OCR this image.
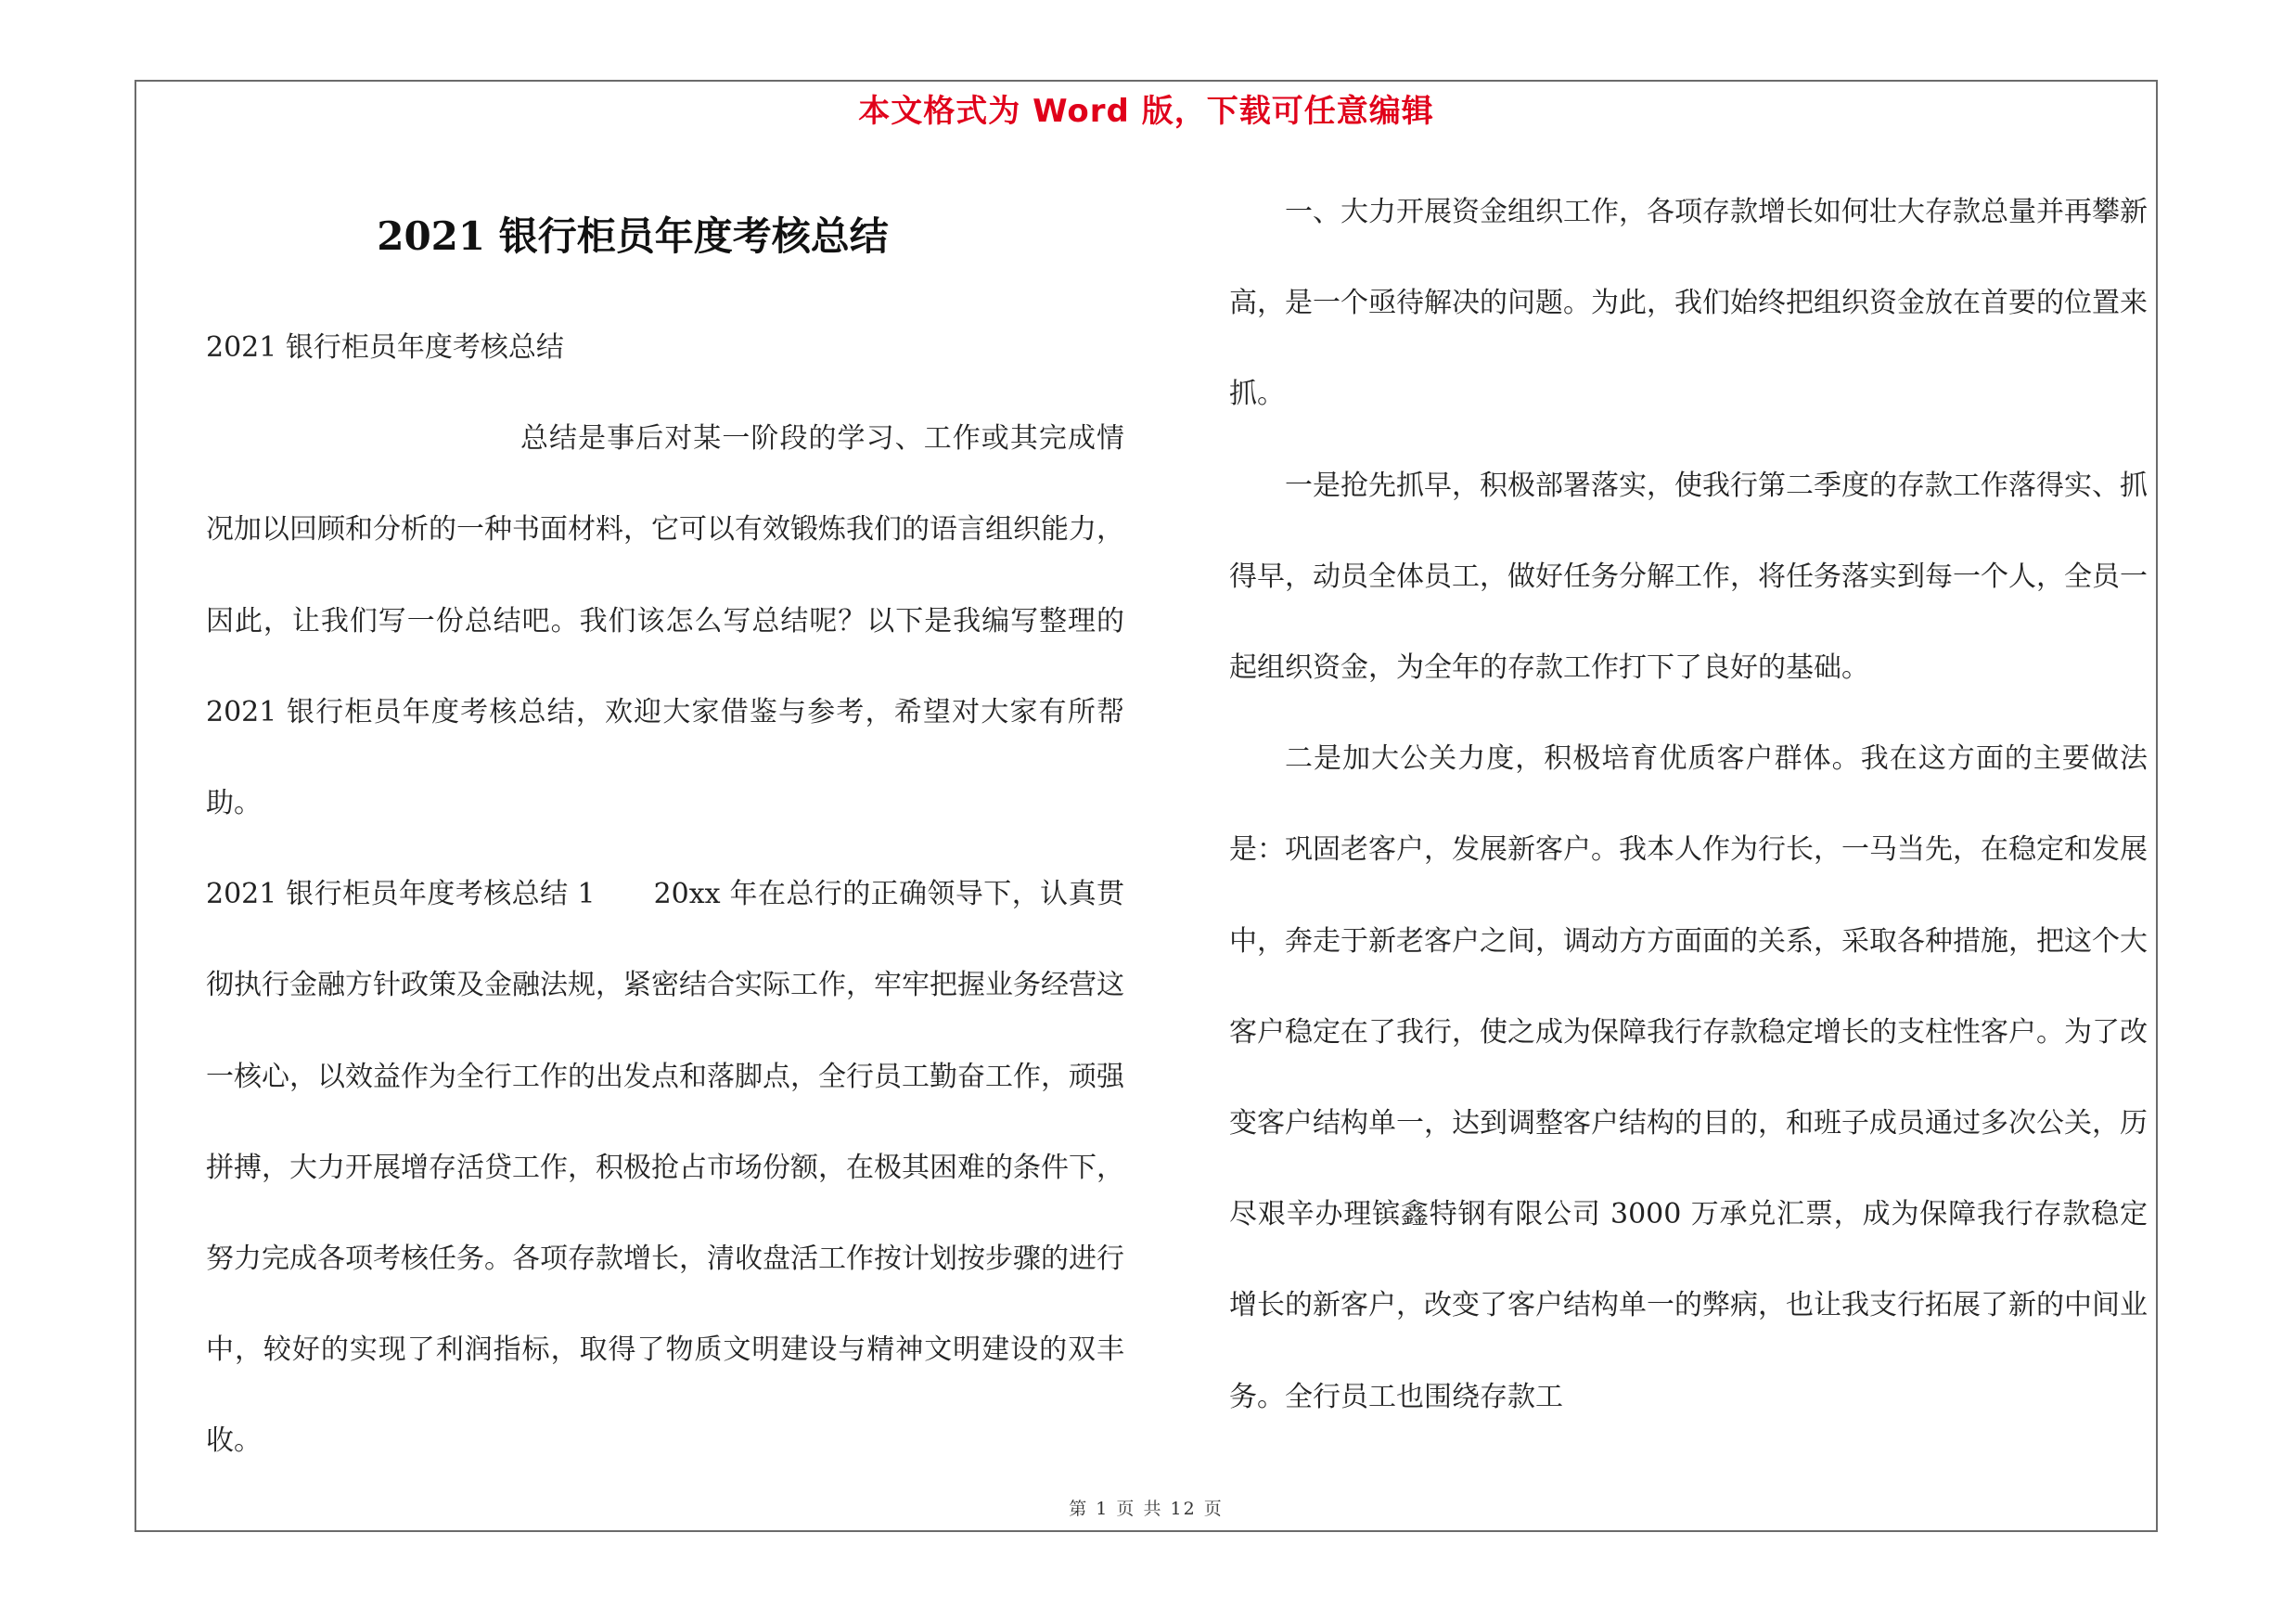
本文格式为 Word 版，下载可任意编辑
2021 银行柜员年度考核总结

2021 银行柜员年度考核总结

总结是事后对某一阶段的学习、工作或其完成情况加以回顾和分析的一种书面材料，它可以有效锻炼我们的语言组织能力，因此，让我们写一份总结吧。我们该怎么写总结呢？以下是我编写整理的 2021 银行柜员年度考核总结，欢迎大家借鉴与参考，希望对大家有所帮助。

2021 银行柜员年度考核总结 1 20xx 年在总行的正确领导下，认真贯彻执行金融方针政策及金融法规，紧密结合实际工作，牢牢把握业务经营这一核心，以效益作为全行工作的出发点和落脚点，全行员工勤奋工作，顽强拼搏，大力开展增存活贷工作，积极抢占市场份额，在极其困难的条件下，努力完成各项考核任务。各项存款增长，清收盘活工作按计划按步骤的进行中，较好的实现了利润指标，取得了物质文明建设与精神文明建设的双丰收。

一、大力开展资金组织工作，各项存款增长如何壮大存款总量并再攀新高，是一个亟待解决的问题。为此，我们始终把组织资金放在首要的位置来抓。

一是抢先抓早，积极部署落实，使我行第二季度的存款工作落得实、抓得早，动员全体员工，做好任务分解工作，将任务落实到每一个人，全员一起组织资金，为全年的存款工作打下了良好的基础。

二是加大公关力度，积极培育优质客户群体。我在这方面的主要做法是：巩固老客户，发展新客户。我本人作为行长，一马当先，在稳定和发展中，奔走于新老客户之间，调动方方面面的关系，采取各种措施，把这个大客户稳定在了我行，使之成为保障我行存款稳定增长的支柱性客户。为了改变客户结构单一，达到调整客户结构的目的，和班子成员通过多次公关，历尽艰辛办理镔鑫特钢有限公司 3000 万承兑汇票，成为保障我行存款稳定增长的新客户，改变了客户结构单一的弊病，也让我支行拓展了新的中间业务。全行员工也围绕存款工

第 1 页 共 12 页
